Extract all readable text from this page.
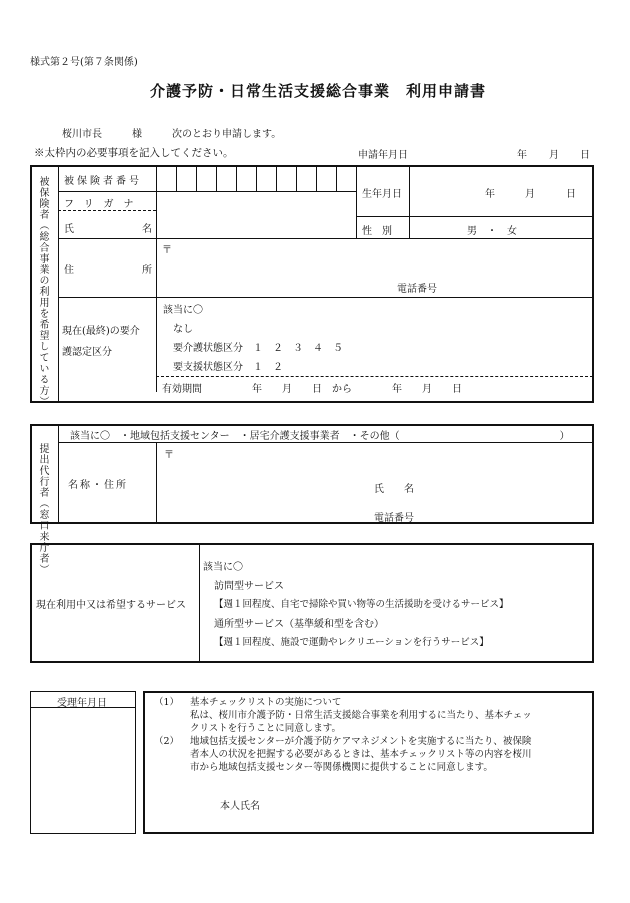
様式第２号(第７条関係)
介護予防・日常生活支援総合事業　利用申請書
桜川市長　　　様　　　次のとおり申請します。
※太枠内の必要事項を記入してください。	申請年月日	年 月 日
被保険者（総合事業の利用を希望している方） 被保険者番号
フリガナ
氏	名
生年月日	年	月	日
性　別	男　・　女
住	所
〒
電話番号
現在(最終)の要介
護認定区分
該当に〇
なし
要介護状態区分　１　２　３　４　５
要支援状態区分　１　２
有効期間　　　　　年　　月　　日　から　　　　年　　月　　日
提出代行者（窓口来庁者）
該当に〇　・地域包括支援センター　・居宅介護支援事業者　・その他（　　　　　　　　　　　　　　　　）
名称・住所
〒
氏　　名
電話番号
現在利用中又は希望するサービス
該当に〇
訪問型サービス
【週１回程度、自宅で掃除や買い物等の生活援助を受けるサービス】
通所型サービス（基準緩和型を含む）
【週１回程度、施設で運動やレクリエーションを行うサービス】
受理年月日	（1） 基本チェックリストの実施について
私は、桜川市介護予防・日常生活支援総合事業を利用するに当たり、基本チェッ
クリストを行うことに同意します。
（2） 地域包括支援センターが介護予防ケアマネジメントを実施するに当たり、被保険
者本人の状況を把握する必要があるときは、基本チェックリスト等の内容を桜川
市から地域包括支援センター等関係機関に提供することに同意します。
本人氏名
